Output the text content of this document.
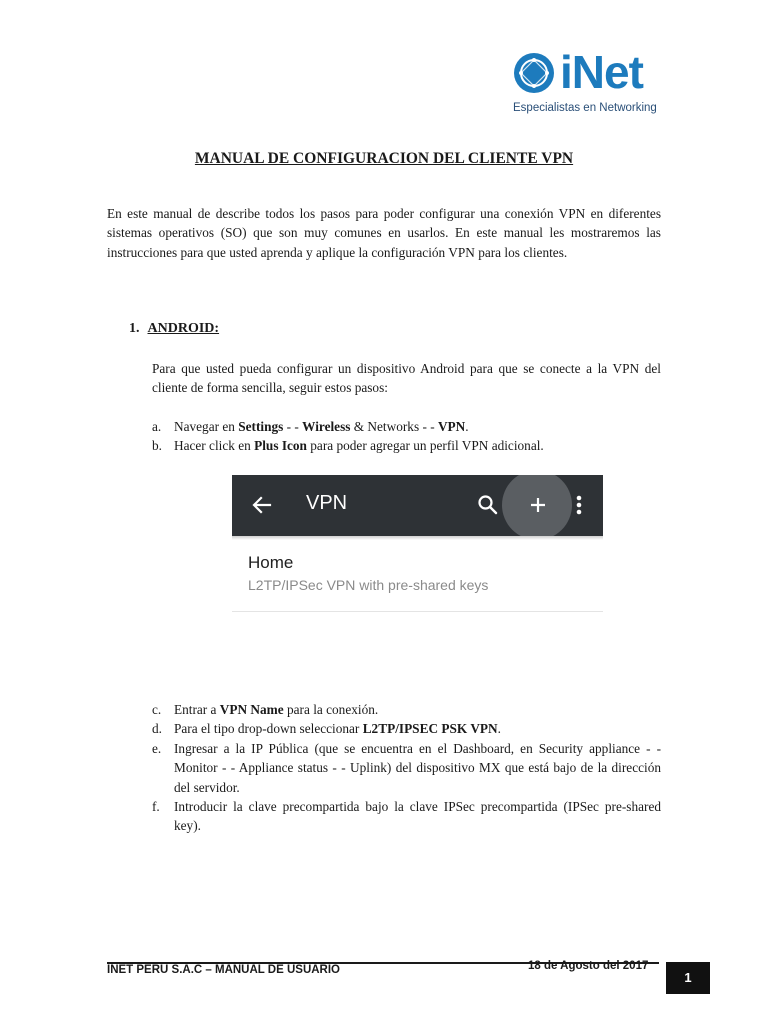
iNet
Especialistas en Networking
MANUAL DE CONFIGURACION DEL CLIENTE VPN
En este manual de describe todos los pasos para poder configurar una conexión VPN en diferentes sistemas operativos (SO) que son muy comunes en usarlos. En este manual les mostraremos las instrucciones para que usted aprenda y aplique la configuración VPN para los clientes.
1. ANDROID:
Para que usted pueda configurar un dispositivo Android para que se conecte a la VPN del cliente de forma sencilla, seguir estos pasos:
a. Navegar en Settings - - Wireless & Networks - - VPN.
b. Hacer click en Plus Icon para poder agregar un perfil VPN adicional.
VPN
Home
L2TP/IPSec VPN with pre-shared keys
c. Entrar a VPN Name para la conexión.
d. Para el tipo drop-down seleccionar L2TP/IPSEC PSK VPN.
e. Ingresar a la IP Pública (que se encuentra en el Dashboard, en Security appliance - - Monitor - - Appliance status - - Uplink) del dispositivo MX que está bajo de la dirección del servidor.
f. Introducir la clave precompartida bajo la clave IPSec precompartida (IPSec pre-shared key).
INET PERU S.A.C – MANUAL DE USUARIO	18 de Agosto del 2017
1
